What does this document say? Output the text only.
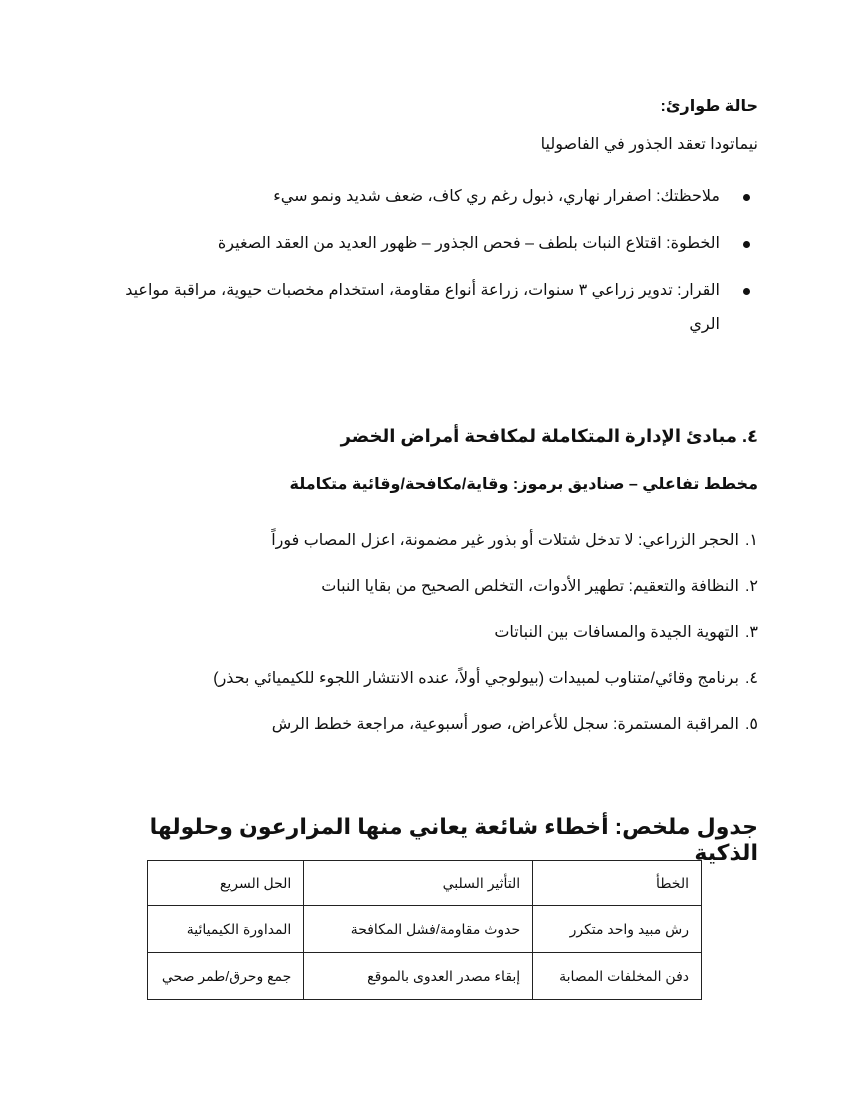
حالة طوارئ:
نيماتودا تعقد الجذور في الفاصوليا
ملاحظتك: اصفرار نهاري، ذبول رغم ري كاف، ضعف شديد ونمو سيء
الخطوة: اقتلاع النبات بلطف – فحص الجذور – ظهور العديد من العقد الصغيرة
القرار: تدوير زراعي ٣ سنوات، زراعة أنواع مقاومة، استخدام مخصبات حيوية، مراقبة مواعيد الري
٤. مبادئ الإدارة المتكاملة لمكافحة أمراض الخضر
مخطط تفاعلي – صناديق برموز: وقاية/مكافحة/وقائية متكاملة
١.الحجر الزراعي: لا تدخل شتلات أو بذور غير مضمونة، اعزل المصاب فوراً
٢.النظافة والتعقيم: تطهير الأدوات، التخلص الصحيح من بقايا النبات
٣.التهوية الجيدة والمسافات بين النباتات
٤.برنامج وقائي/متناوب لمبيدات (بيولوجي أولاً، عنده الانتشار اللجوء للكيميائي بحذر)
٥.المراقبة المستمرة: سجل للأعراض، صور أسبوعية، مراجعة خطط الرش
جدول ملخص: أخطاء شائعة يعاني منها المزارعون وحلولها الذكية
الخطأ	التأثير السلبي	الحل السريع
رش مبيد واحد متكرر	حدوث مقاومة/فشل المكافحة	المداورة الكيميائية
دفن المخلفات المصابة	إبقاء مصدر العدوى بالموقع	جمع وحرق/طمر صحي
